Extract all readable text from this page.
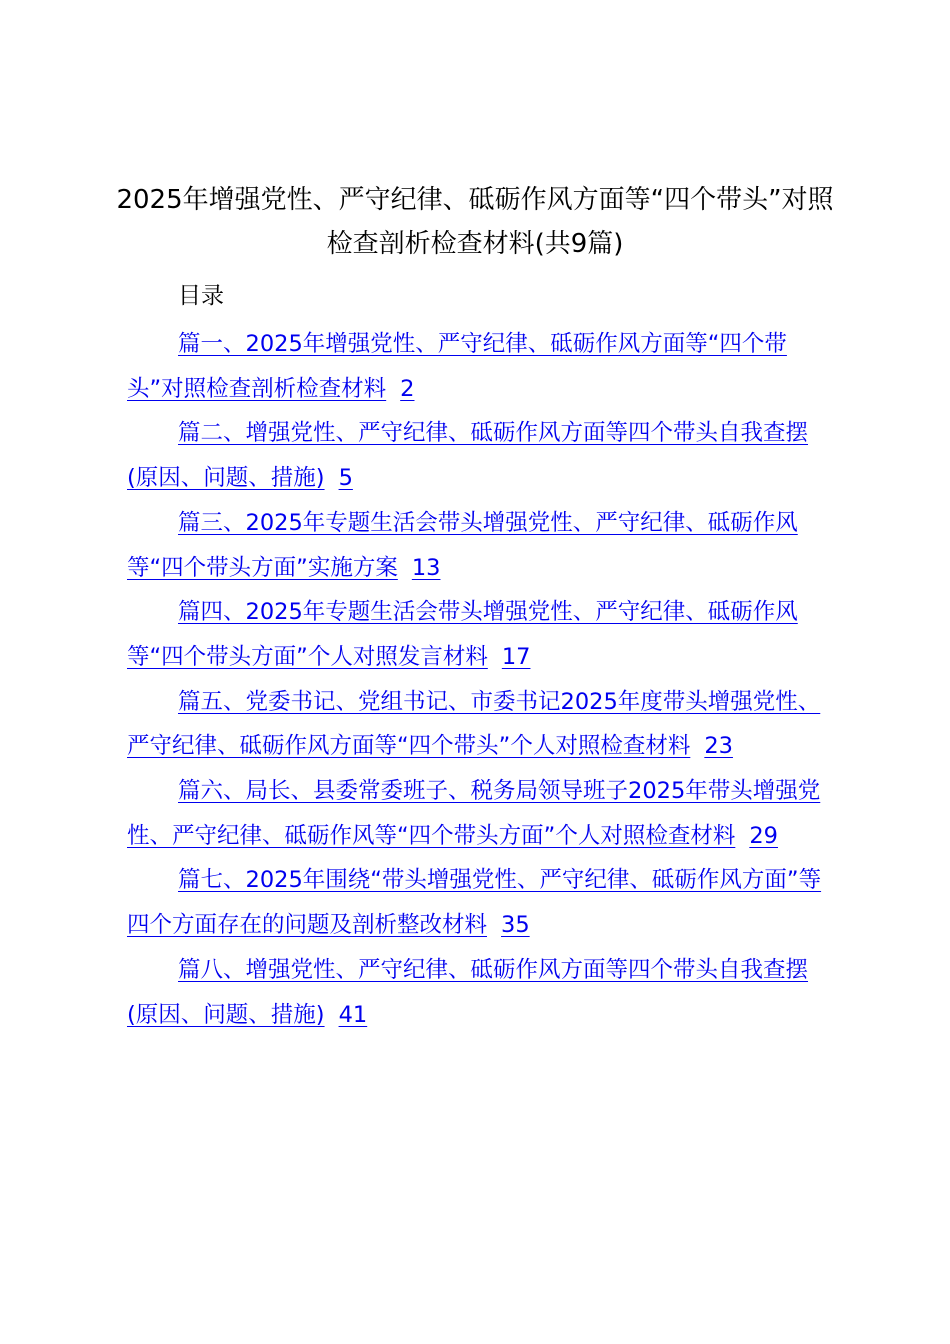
2025年增强党性、严守纪律、砥砺作风方面等“四个带头”对照检查剖析检查材料(共9篇)
目录
篇一、2025年增强党性、严守纪律、砥砺作风方面等“四个带头”对照检查剖析检查材料 2
篇二、增强党性、严守纪律、砥砺作风方面等四个带头自我查摆(原因、问题、措施) 5
篇三、2025年专题生活会带头增强党性、严守纪律、砥砺作风等“四个带头方面”实施方案 13
篇四、2025年专题生活会带头增强党性、严守纪律、砥砺作风等“四个带头方面”个人对照发言材料 17
篇五、党委书记、党组书记、市委书记2025年度带头增强党性、严守纪律、砥砺作风方面等“四个带头”个人对照检查材料 23
篇六、局长、县委常委班子、税务局领导班子2025年带头增强党性、严守纪律、砥砺作风等“四个带头方面”个人对照检查材料 29
篇七、2025年围绕“带头增强党性、严守纪律、砥砺作风方面”等四个方面存在的问题及剖析整改材料 35
篇八、增强党性、严守纪律、砥砺作风方面等四个带头自我查摆(原因、问题、措施) 41
